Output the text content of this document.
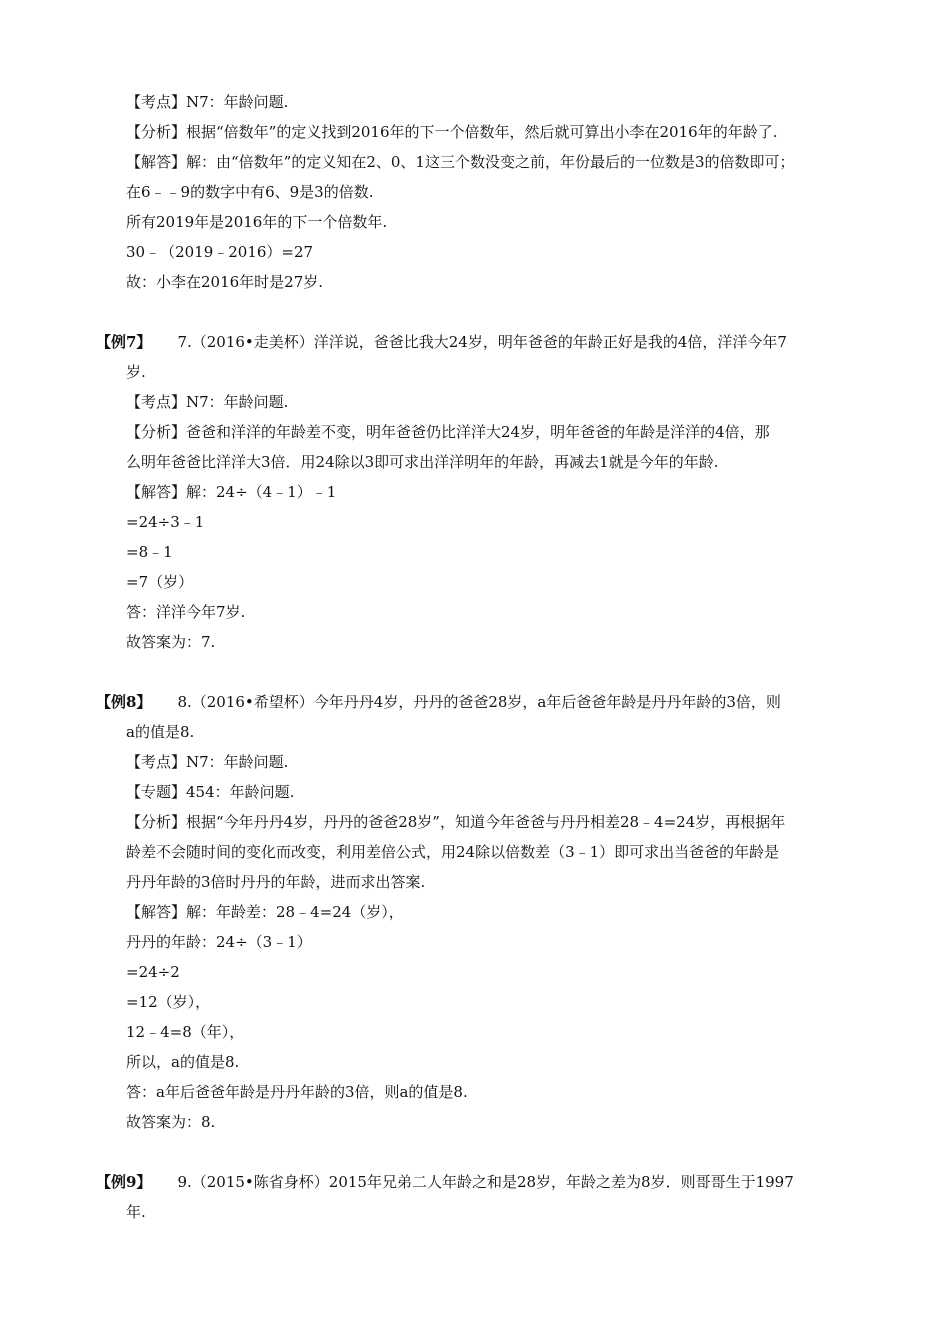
【考点】N7：年龄问题.
【分析】根据“倍数年”的定义找到2016年的下一个倍数年，然后就可算出小李在2016年的年龄了.
【解答】解：由“倍数年”的定义知在2、0、1这三个数没变之前，年份最后的一位数是3的倍数即可；
在6﹣﹣9的数字中有6、9是3的倍数.
所有2019年是2016年的下一个倍数年.
30﹣（2019﹣2016）=27
故：小李在2016年时是27岁.
【例7】 7.（2016•走美杯）洋洋说，爸爸比我大24岁，明年爸爸的年龄正好是我的4倍，洋洋今年7
岁.
【考点】N7：年龄问题.
【分析】爸爸和洋洋的年龄差不变，明年爸爸仍比洋洋大24岁，明年爸爸的年龄是洋洋的4倍，那
么明年爸爸比洋洋大3倍．用24除以3即可求出洋洋明年的年龄，再减去1就是今年的年龄.
【解答】解：24÷（4﹣1）﹣1
=24÷3﹣1
=8﹣1
=7（岁）
答：洋洋今年7岁.
故答案为：7.
【例8】 8.（2016•希望杯）今年丹丹4岁，丹丹的爸爸28岁，a年后爸爸年龄是丹丹年龄的3倍，则
a的值是8.
【考点】N7：年龄问题.
【专题】454：年龄问题.
【分析】根据“今年丹丹4岁，丹丹的爸爸28岁”，知道今年爸爸与丹丹相差28﹣4=24岁，再根据年
龄差不会随时间的变化而改变，利用差倍公式，用24除以倍数差（3﹣1）即可求出当爸爸的年龄是
丹丹年龄的3倍时丹丹的年龄，进而求出答案.
【解答】解：年龄差：28﹣4=24（岁），
丹丹的年龄：24÷（3﹣1）
=24÷2
=12（岁），
12﹣4=8（年），
所以，a的值是8.
答：a年后爸爸年龄是丹丹年龄的3倍，则a的值是8.
故答案为：8.
【例9】 9.（2015•陈省身杯）2015年兄弟二人年龄之和是28岁，年龄之差为8岁．则哥哥生于1997
年.
